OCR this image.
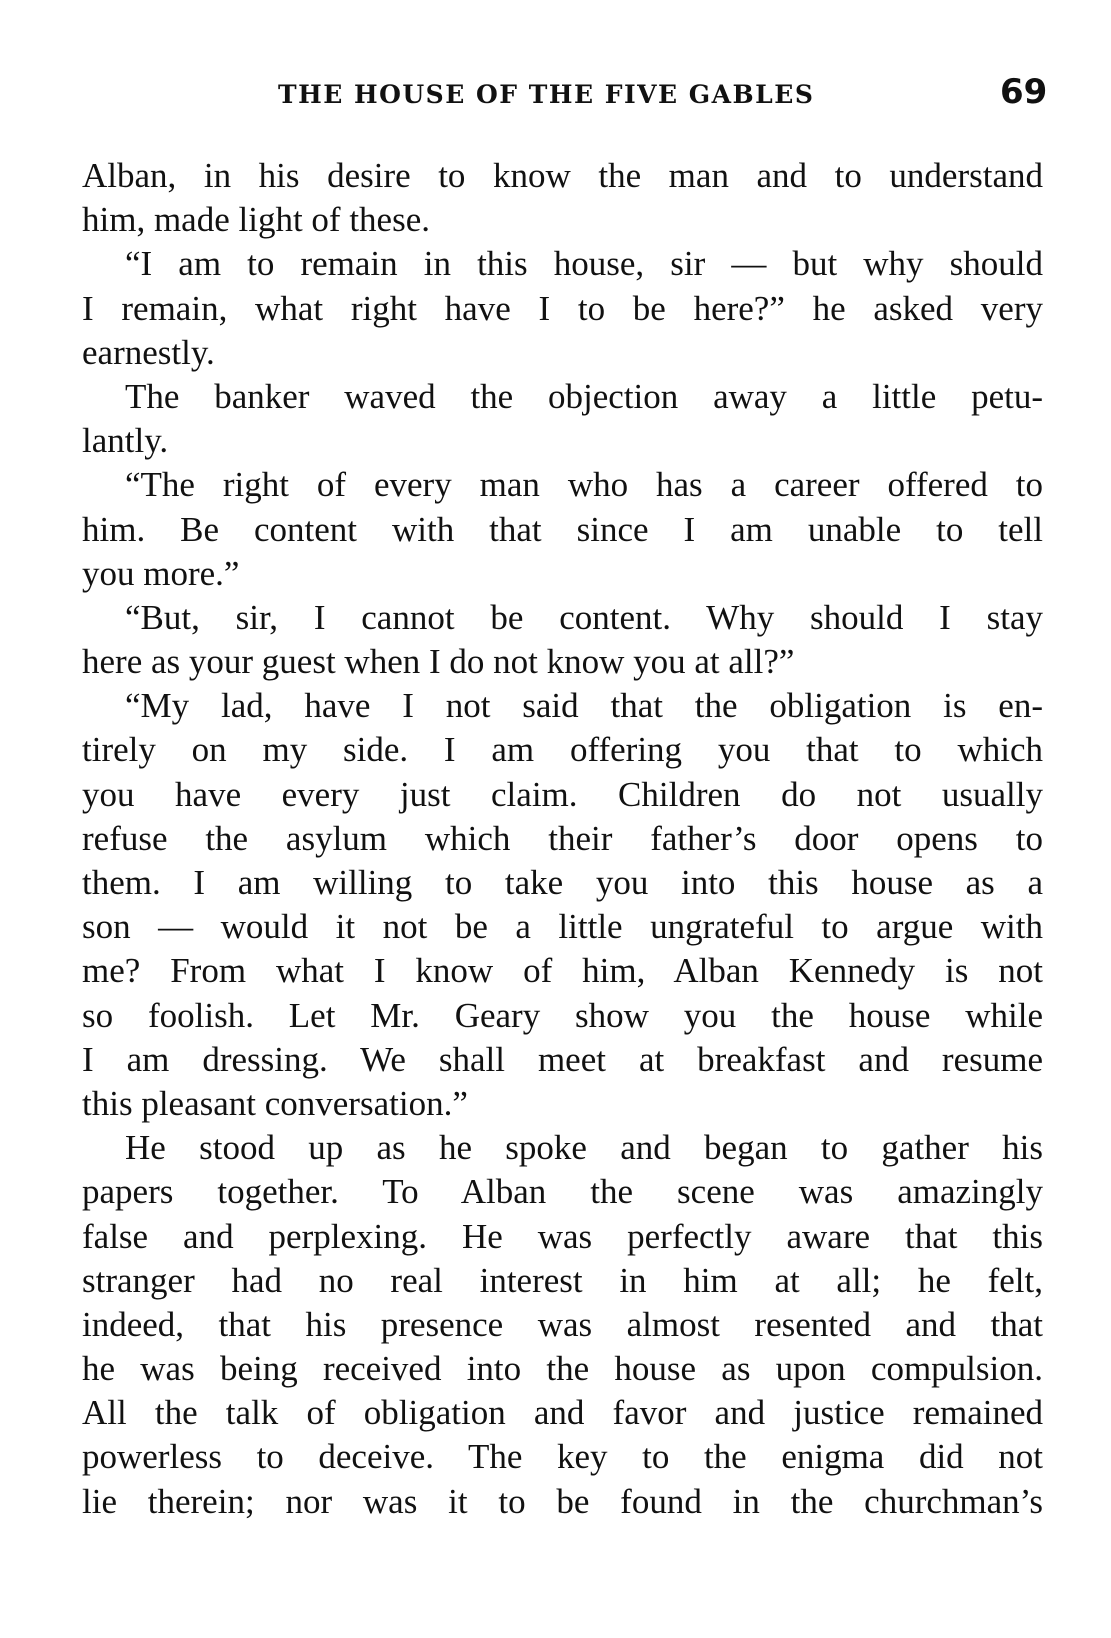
THE HOUSE OF THE FIVE GABLES	69
Alban, in his desire to know the man and to understand
him, made light of these.
“I am to remain in this house, sir — but why should
I remain, what right have I to be here?” he asked very
earnestly.
The banker waved the objection away a little petu-
lantly.
“The right of every man who has a career offered to
him. Be content with that since I am unable to tell
you more.”
“But, sir, I cannot be content. Why should I stay
here as your guest when I do not know you at all?”
“My lad, have I not said that the obligation is en-
tirely on my side. I am offering you that to which
you have every just claim. Children do not usually
refuse the asylum which their father’s door opens to
them. I am willing to take you into this house as a
son — would it not be a little ungrateful to argue with
me? From what I know of him, Alban Kennedy is not
so foolish. Let Mr. Geary show you the house while
I am dressing. We shall meet at breakfast and resume
this pleasant conversation.”
He stood up as he spoke and began to gather his
papers together. To Alban the scene was amazingly
false and perplexing. He was perfectly aware that this
stranger had no real interest in him at all; he felt,
indeed, that his presence was almost resented and that
he was being received into the house as upon compulsion.
All the talk of obligation and favor and justice remained
powerless to deceive. The key to the enigma did not
lie therein; nor was it to be found in the churchman’s
